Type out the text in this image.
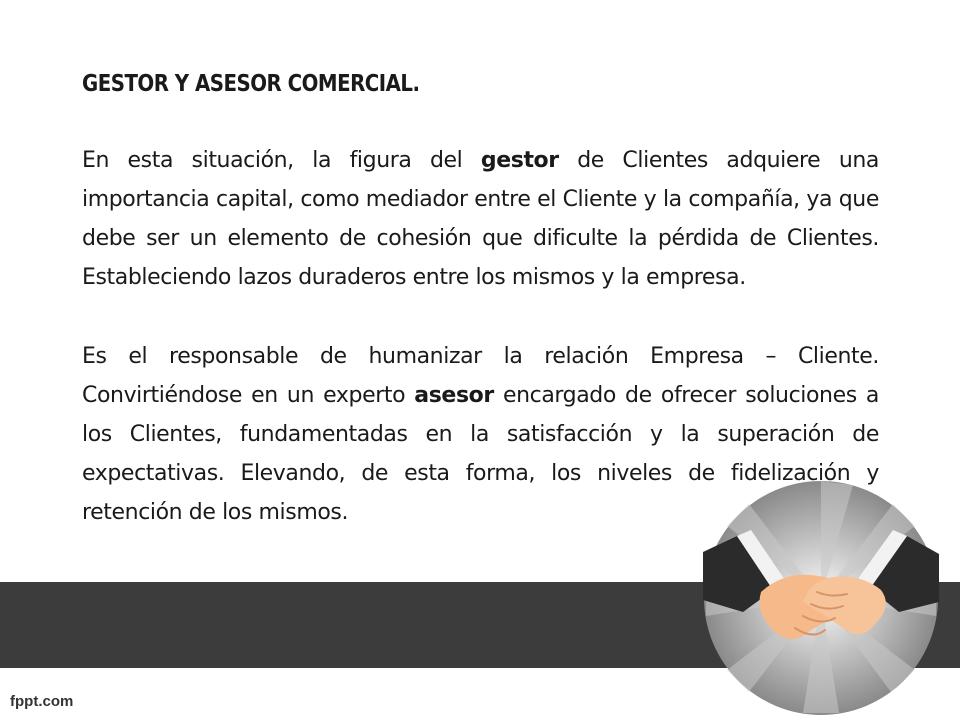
GESTOR Y ASESOR COMERCIAL.

En esta situación, la figura del gestor de Clientes adquiere una importancia capital, como mediador entre el Cliente y la compañía, ya que debe ser un elemento de cohesión que dificulte la pérdida de Clientes. Estableciendo lazos duraderos entre los mismos y la empresa.

Es el responsable de humanizar la relación Empresa – Cliente. Convirtiéndose en un experto asesor encargado de ofrecer soluciones a los Clientes, fundamentadas en la satisfacción y la superación de expectativas. Elevando, de esta forma, los niveles de fidelización y retención de los mismos.

fppt.com
